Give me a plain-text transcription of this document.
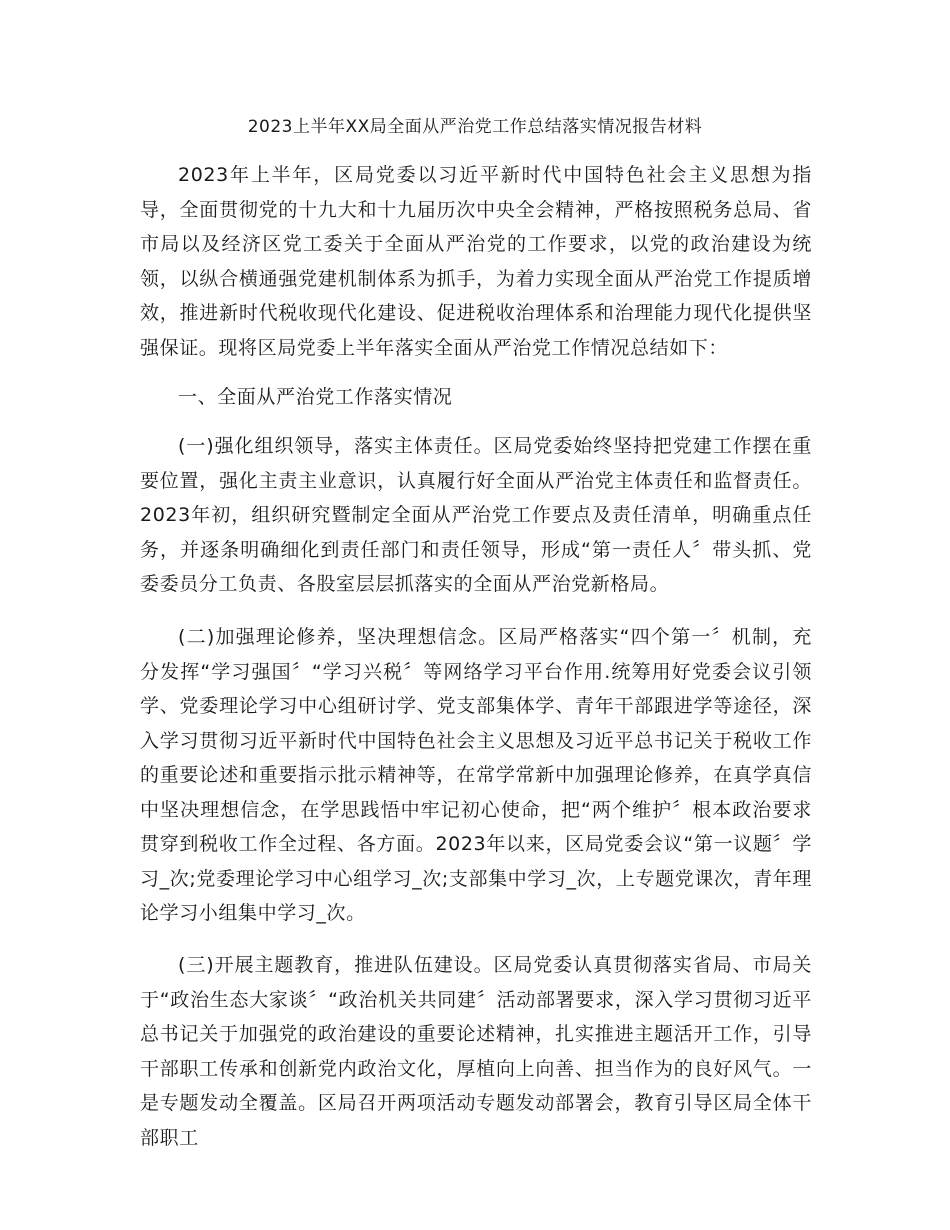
2023上半年XX局全面从严治党工作总结落实情况报告材料

2023年上半年，区局党委以习近平新时代中国特色社会主义思想为指导，全面贯彻党的十九大和十九届历次中央全会精神，严格按照税务总局、省市局以及经济区党工委关于全面从严治党的工作要求，以党的政治建设为统领，以纵合横通强党建机制体系为抓手，为着力实现全面从严治党工作提质增效，推进新时代税收现代化建设、促进税收治理体系和治理能力现代化提供坚强保证。现将区局党委上半年落实全面从严治党工作情况总结如下：

一、全面从严治党工作落实情况

(一)强化组织领导，落实主体责任。区局党委始终坚持把党建工作摆在重要位置，强化主责主业意识，认真履行好全面从严治党主体责任和监督责任。2023年初，组织研究暨制定全面从严治党工作要点及责任清单，明确重点任务，并逐条明确细化到责任部门和责任领导，形成“第一责任人〞带头抓、党委委员分工负责、各股室层层抓落实的全面从严治党新格局。

(二)加强理论修养，坚决理想信念。区局严格落实“四个第一〞机制，充分发挥“学习强国〞“学习兴税〞等网络学习平台作用.统筹用好党委会议引领学、党委理论学习中心组研讨学、党支部集体学、青年干部跟进学等途径，深入学习贯彻习近平新时代中国特色社会主义思想及习近平总书记关于税收工作的重要论述和重要指示批示精神等，在常学常新中加强理论修养，在真学真信中坚决理想信念，在学思践悟中牢记初心使命，把“两个维护〞根本政治要求贯穿到税收工作全过程、各方面。2023年以来，区局党委会议“第一议题〞学习_次;党委理论学习中心组学习_次;支部集中学习_次，上专题党课次，青年理论学习小组集中学习_次。

(三)开展主题教育，推进队伍建设。区局党委认真贯彻落实省局、市局关于“政治生态大家谈〞“政治机关共同建〞活动部署要求，深入学习贯彻习近平总书记关于加强党的政治建设的重要论述精神，扎实推进主题活开工作，引导干部职工传承和创新党内政治文化，厚植向上向善、担当作为的良好风气。一是专题发动全覆盖。区局召开两项活动专题发动部署会，教育引导区局全体干部职工
